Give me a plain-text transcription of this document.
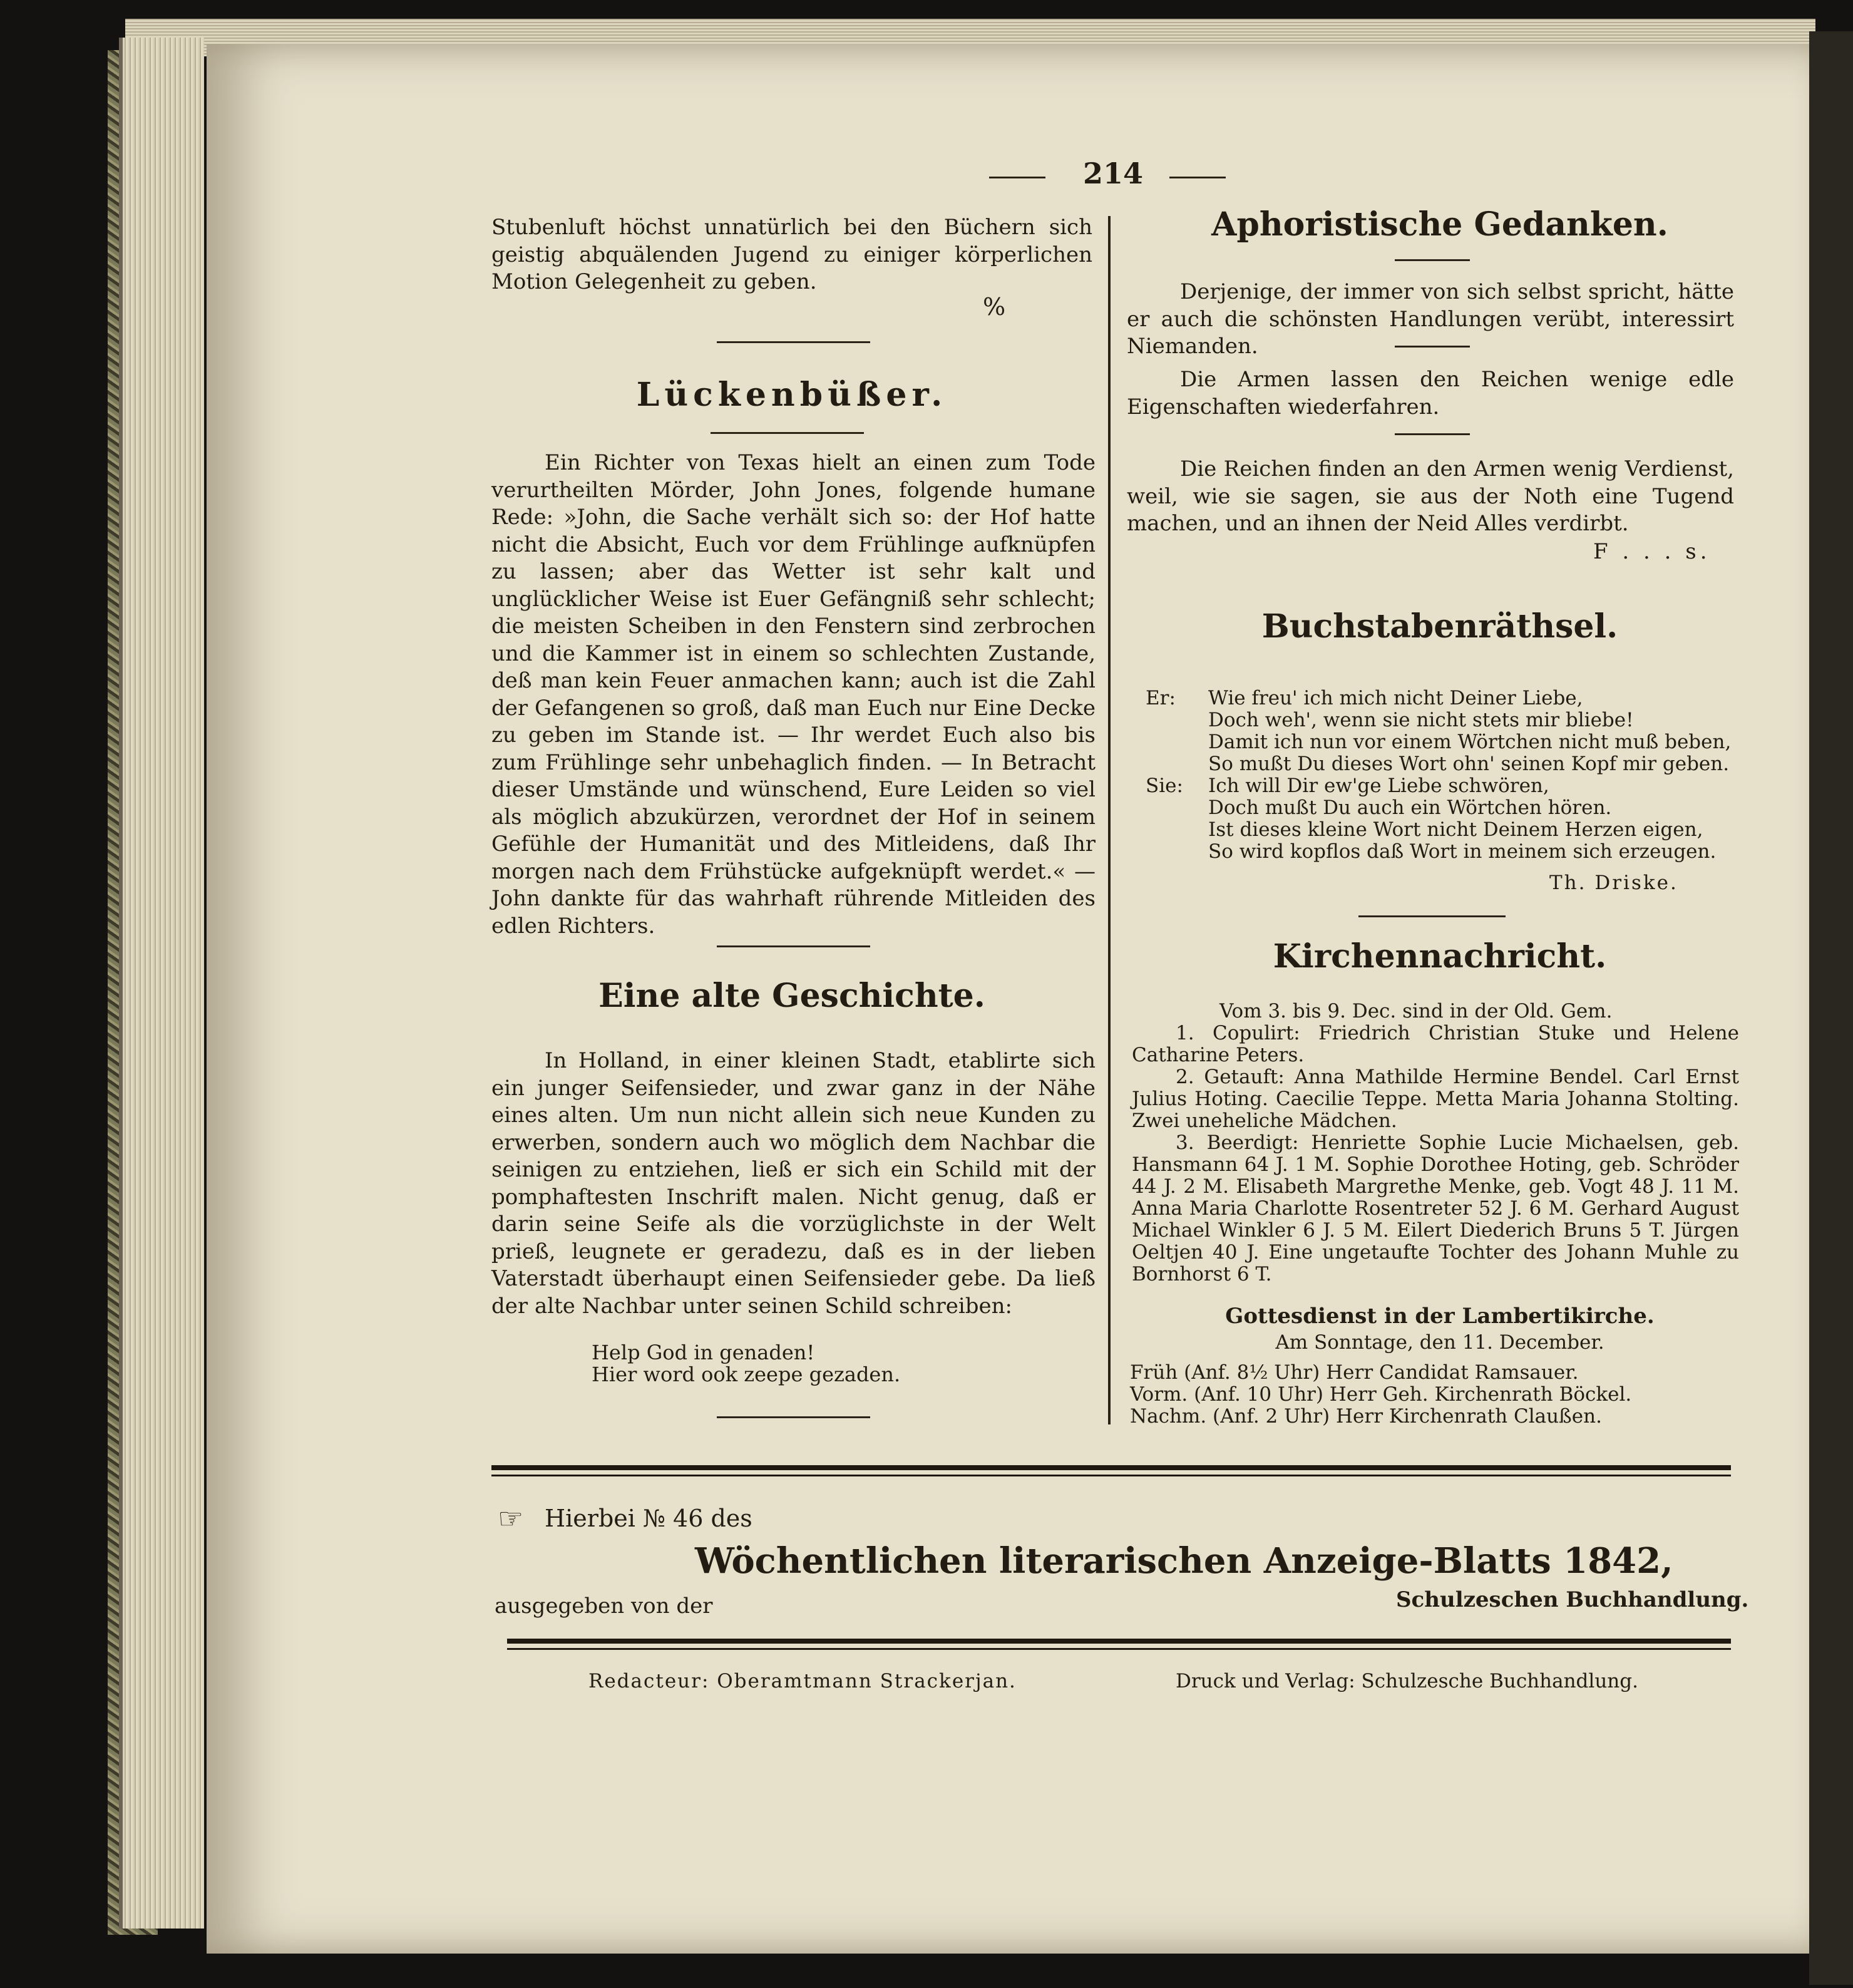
214
Stubenluft höchst unnatürlich bei den Büchern sich geistig abquälenden Jugend zu einiger körperlichen Motion Gelegenheit zu geben.
%
Lückenbüßer.
Ein Richter von Texas hielt an einen zum Tode verurtheilten Mörder, John Jones, folgende humane Rede: »John, die Sache verhält sich so: der Hof hatte nicht die Absicht, Euch vor dem Frühlinge aufknüpfen zu lassen; aber das Wetter ist sehr kalt und unglücklicher Weise ist Euer Gefängniß sehr schlecht; die meisten Scheiben in den Fenstern sind zerbrochen und die Kammer ist in einem so schlechten Zustande, deß man kein Feuer anmachen kann; auch ist die Zahl der Gefangenen so groß, daß man Euch nur Eine Decke zu geben im Stande ist. — Ihr werdet Euch also bis zum Frühlinge sehr unbehaglich finden. — In Betracht dieser Umstände und wünschend, Eure Leiden so viel als möglich abzukürzen, verordnet der Hof in seinem Gefühle der Humanität und des Mitleidens, daß Ihr morgen nach dem Frühstücke aufgeknüpft werdet.« — John dankte für das wahrhaft rührende Mitleiden des edlen Richters.
Eine alte Geschichte.
In Holland, in einer kleinen Stadt, etablirte sich ein junger Seifensieder, und zwar ganz in der Nähe eines alten. Um nun nicht allein sich neue Kunden zu erwerben, sondern auch wo möglich dem Nachbar die seinigen zu entziehen, ließ er sich ein Schild mit der pomphaftesten Inschrift malen. Nicht genug, daß er darin seine Seife als die vorzüglichste in der Welt prieß, leugnete er geradezu, daß es in der lieben Vaterstadt überhaupt einen Seifensieder gebe. Da ließ der alte Nachbar unter seinen Schild schreiben:
Help God in genaden!
Hier word ook zeepe gezaden.
Aphoristische Gedanken.
Derjenige, der immer von sich selbst spricht, hätte er auch die schönsten Handlungen verübt, interessirt Niemanden.
Die Armen lassen den Reichen wenige edle Eigenschaften wiederfahren.
Die Reichen finden an den Armen wenig Verdienst, weil, wie sie sagen, sie aus der Noth eine Tugend machen, und an ihnen der Neid Alles verdirbt.
F . . . s.
Buchstabenräthsel.
Er: Wie freu' ich mich nicht Deiner Liebe,
Doch weh', wenn sie nicht stets mir bliebe!
Damit ich nun vor einem Wörtchen nicht muß beben,
So mußt Du dieses Wort ohn' seinen Kopf mir geben.
Sie: Ich will Dir ew'ge Liebe schwören,
Doch mußt Du auch ein Wörtchen hören.
Ist dieses kleine Wort nicht Deinem Herzen eigen,
So wird kopflos daß Wort in meinem sich erzeugen.
Th. Driske.
Kirchennachricht.

Vom 3. bis 9. Dec. sind in der Old. Gem.

1. Copulirt: Friedrich Christian Stuke und Helene Catharine Peters.

2. Getauft: Anna Mathilde Hermine Bendel. Carl Ernst Julius Hoting. Caecilie Teppe. Metta Maria Johanna Stolting. Zwei uneheliche Mädchen.

3. Beerdigt: Henriette Sophie Lucie Michaelsen, geb. Hansmann 64 J. 1 M. Sophie Dorothee Hoting, geb. Schröder 44 J. 2 M. Elisabeth Margrethe Menke, geb. Vogt 48 J. 11 M. Anna Maria Charlotte Rosentreter 52 J. 6 M. Gerhard August Michael Winkler 6 J. 5 M. Eilert Diederich Bruns 5 T. Jürgen Oeltjen 40 J. Eine ungetaufte Tochter des Johann Muhle zu Bornhorst 6 T.

Gottesdienst in der Lambertikirche.
Am Sonntage, den 11. December.
Früh (Anf. 8½ Uhr) Herr Candidat Ramsauer.
Vorm. (Anf. 10 Uhr) Herr Geh. Kirchenrath Böckel.
Nachm. (Anf. 2 Uhr) Herr Kirchenrath Claußen.
☞ Hierbei № 46 des
Wöchentlichen literarischen Anzeige-Blatts 1842,
ausgegeben von der	Schulzeschen Buchhandlung.
Redacteur: Oberamtmann Strackerjan.	Druck und Verlag: Schulzesche Buchhandlung.
